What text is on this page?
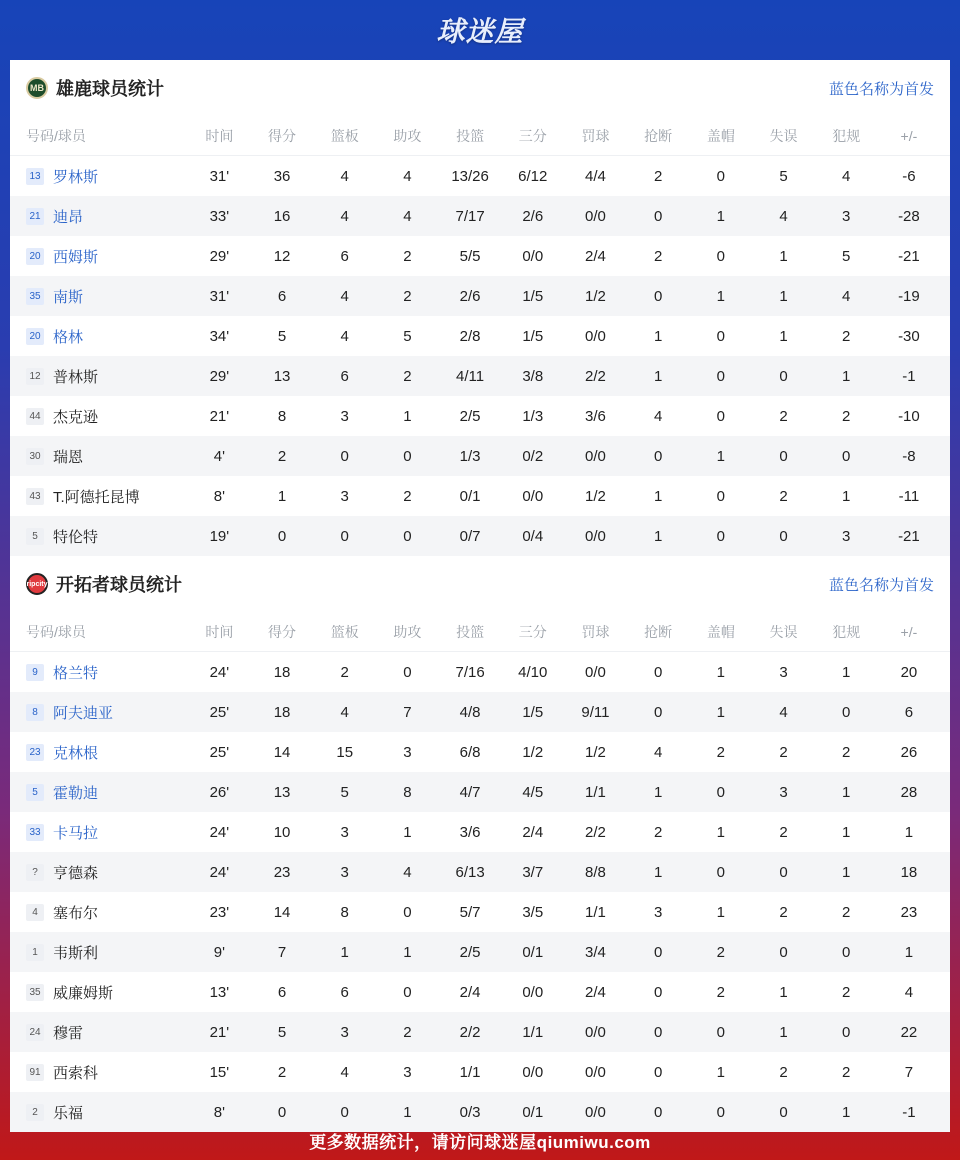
球迷屋
MB 雄鹿球员统计	蓝色名称为首发
号码/球员	时间	得分	篮板	助攻	投篮	三分	罚球	抢断	盖帽	失误	犯规	+/-
13 罗林斯	31'	36	4	4	13/26	6/12	4/4	2	0	5	4	-6
21 迪昂	33'	16	4	4	7/17	2/6	0/0	0	1	4	3	-28
20 西姆斯	29'	12	6	2	5/5	0/0	2/4	2	0	1	5	-21
35 南斯	31'	6	4	2	2/6	1/5	1/2	0	1	1	4	-19
20 格林	34'	5	4	5	2/8	1/5	0/0	1	0	1	2	-30
12 普林斯	29'	13	6	2	4/11	3/8	2/2	1	0	0	1	-1
44 杰克逊	21'	8	3	1	2/5	1/3	3/6	4	0	2	2	-10
30 瑞恩	4'	2	0	0	1/3	0/2	0/0	0	1	0	0	-8
43 T.阿德托昆博	8'	1	3	2	0/1	0/0	1/2	1	0	2	1	-11
5	特伦特	19'	0	0	0	0/7	0/4	0/0	1	0	0	3	-21
ripcity 开拓者球员统计	蓝色名称为首发
号码/球员	时间	得分	篮板	助攻	投篮	三分	罚球	抢断	盖帽	失误	犯规	+/-
9	格兰特	24'	18	2	0	7/16	4/10	0/0	0	1	3	1	20
8	阿夫迪亚	25'	18	4	7	4/8	1/5	9/11	0	1	4	0	6
23 克林根	25'	14	15	3	6/8	1/2	1/2	4	2	2	2	26
5	霍勒迪	26'	13	5	8	4/7	4/5	1/1	1	0	3	1	28
33 卡马拉	24'	10	3	1	3/6	2/4	2/2	2	1	2	1	1
?	亨德森	24'	23	3	4	6/13	3/7	8/8	1	0	0	1	18
4	塞布尔	23'	14	8	0	5/7	3/5	1/1	3	1	2	2	23
1	韦斯利	9'	7	1	1	2/5	0/1	3/4	0	2	0	0	1
35 威廉姆斯	13'	6	6	0	2/4	0/0	2/4	0	2	1	2	4
24 穆雷	21'	5	3	2	2/2	1/1	0/0	0	0	1	0	22
91 西索科	15'	2	4	3	1/1	0/0	0/0	0	1	2	2	7
2	乐福	8'	0	0	1	0/3	0/1	0/0	0	0	0	1	-1
更多数据统计，请访问球迷屋qiumiwu.com
